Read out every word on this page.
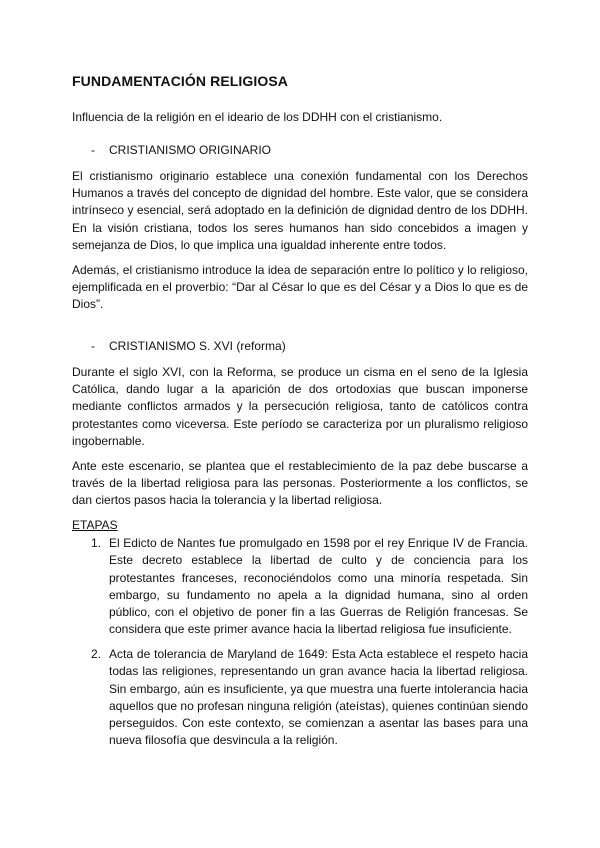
FUNDAMENTACIÓN RELIGIOSA

Influencia de la religión en el ideario de los DDHH con el cristianismo.

- CRISTIANISMO ORIGINARIO

El cristianismo originario establece una conexión fundamental con los Derechos Humanos a través del concepto de dignidad del hombre. Este valor, que se considera intrínseco y esencial, será adoptado en la definición de dignidad dentro de los DDHH. En la visión cristiana, todos los seres humanos han sido concebidos a imagen y semejanza de Dios, lo que implica una igualdad inherente entre todos.

Además, el cristianismo introduce la idea de separación entre lo político y lo religioso, ejemplificada en el proverbio: “Dar al César lo que es del César y a Dios lo que es de Dios”.

- CRISTIANISMO S. XVI (reforma)

Durante el siglo XVI, con la Reforma, se produce un cisma en el seno de la Iglesia Católica, dando lugar a la aparición de dos ortodoxias que buscan imponerse mediante conflictos armados y la persecución religiosa, tanto de católicos contra protestantes como viceversa. Este período se caracteriza por un pluralismo religioso ingobernable.

Ante este escenario, se plantea que el restablecimiento de la paz debe buscarse a través de la libertad religiosa para las personas. Posteriormente a los conflictos, se dan ciertos pasos hacia la tolerancia y la libertad religiosa.

ETAPAS

1. El Edicto de Nantes fue promulgado en 1598 por el rey Enrique IV de Francia. Este decreto establece la libertad de culto y de conciencia para los protestantes franceses, reconociéndolos como una minoría respetada. Sin embargo, su fundamento no apela a la dignidad humana, sino al orden público, con el objetivo de poner fin a las Guerras de Religión francesas. Se considera que este primer avance hacia la libertad religiosa fue insuficiente.
2. Acta de tolerancia de Maryland de 1649: Esta Acta establece el respeto hacia todas las religiones, representando un gran avance hacia la libertad religiosa. Sin embargo, aún es insuficiente, ya que muestra una fuerte intolerancia hacia aquellos que no profesan ninguna religión (ateístas), quienes continúan siendo perseguidos. Con este contexto, se comienzan a asentar las bases para una nueva filosofía que desvincula a la religión.
